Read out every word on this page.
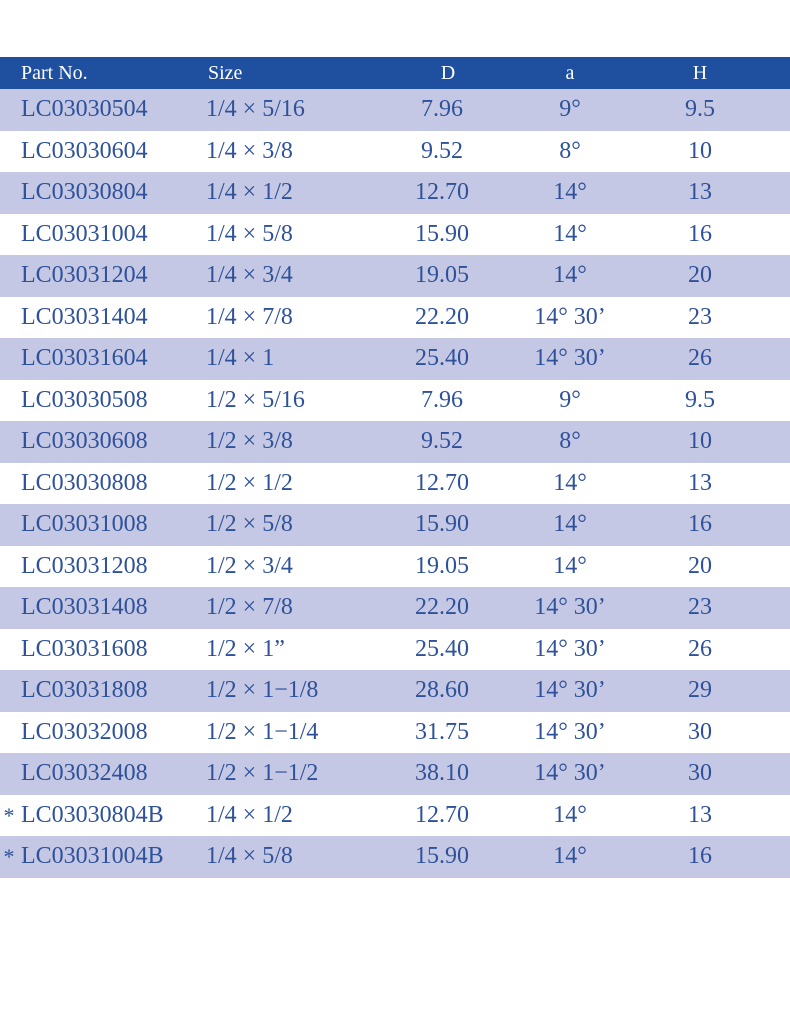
Part No.	Size	D	a	H
LC03030504 1/4 × 5/16	7.96	9°	9.5
LC03030604 1/4 × 3/8	9.52	8°	10
LC03030804 1/4 × 1/2	12.70	14°	13
LC03031004 1/4 × 5/8	15.90	14°	16
LC03031204 1/4 × 3/4	19.05	14°	20
LC03031404 1/4 × 7/8	22.20	14° 30’	23
LC03031604 1/4 × 1	25.40	14° 30’	26
LC03030508 1/2 × 5/16	7.96	9°	9.5
LC03030608 1/2 × 3/8	9.52	8°	10
LC03030808 1/2 × 1/2	12.70	14°	13
LC03031008 1/2 × 5/8	15.90	14°	16
LC03031208 1/2 × 3/4	19.05	14°	20
LC03031408 1/2 × 7/8	22.20	14° 30’	23
LC03031608 1/2 × 1”	25.40	14° 30’	26
LC03031808 1/2 × 1−1/8	28.60	14° 30’	29
LC03032008 1/2 × 1−1/4	31.75	14° 30’	30
LC03032408 1/2 × 1−1/2	38.10	14° 30’	30
* LC03030804B 1/4 × 1/2	12.70	14°	13
* LC03031004B 1/4 × 5/8	15.90	14°	16
